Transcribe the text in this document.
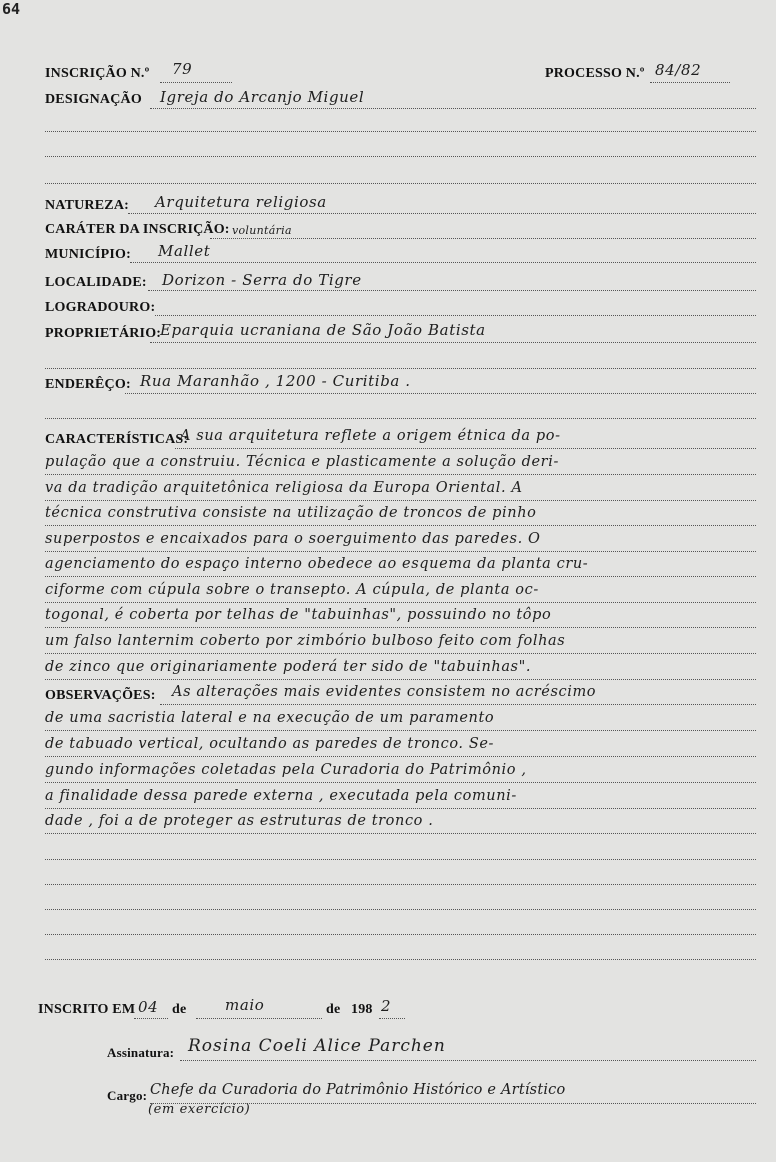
64
INSCRIÇÃO N.º 79	PROCESSO N.º 84/82
DESIGNAÇÃO Igreja do Arcanjo Miguel
NATUREZA: Arquitetura religiosa
CARÁTER DA INSCRIÇÃO: voluntária
MUNICÍPIO: Mallet
LOCALIDADE: Dorizon - Serra do Tigre
LOGRADOURO:
PROPRIETÁRIO:
Eparquia ucraniana de São João Batista
ENDERÊÇO: Rua Maranhão , 1200 - Curitiba .
CARACTERÍSTICAS:
A sua arquitetura reflete a origem étnica da po-
pulação que a construiu. Técnica e plasticamente a solução deri-
va da tradição arquitetônica religiosa da Europa Oriental. A
técnica construtiva consiste na utilização de troncos de pinho
superpostos e encaixados para o soerguimento das paredes. O
agenciamento do espaço interno obedece ao esquema da planta cru-
ciforme com cúpula sobre o transepto. A cúpula, de planta oc-
togonal, é coberta por telhas de "tabuinhas", possuindo no tôpo
um falso lanternim coberto por zimbório bulboso feito com folhas
de zinco que originariamente poderá ter sido de "tabuinhas".
OBSERVAÇÕES: As alterações mais evidentes consistem no acréscimo
de uma sacristia lateral e na execução de um paramento
de tabuado vertical, ocultando as paredes de tronco. Se-
gundo informações coletadas pela Curadoria do Patrimônio ,
a finalidade dessa parede externa , executada pela comuni-
dade , foi a de proteger as estruturas de tronco .
INSCRITO EM 04 de	maio	de 198 2
Assinatura: Rosina Coeli Alice Parchen
Cargo: Chefe da Curadoria do Patrimônio Histórico e Artístico
(em exercício)
